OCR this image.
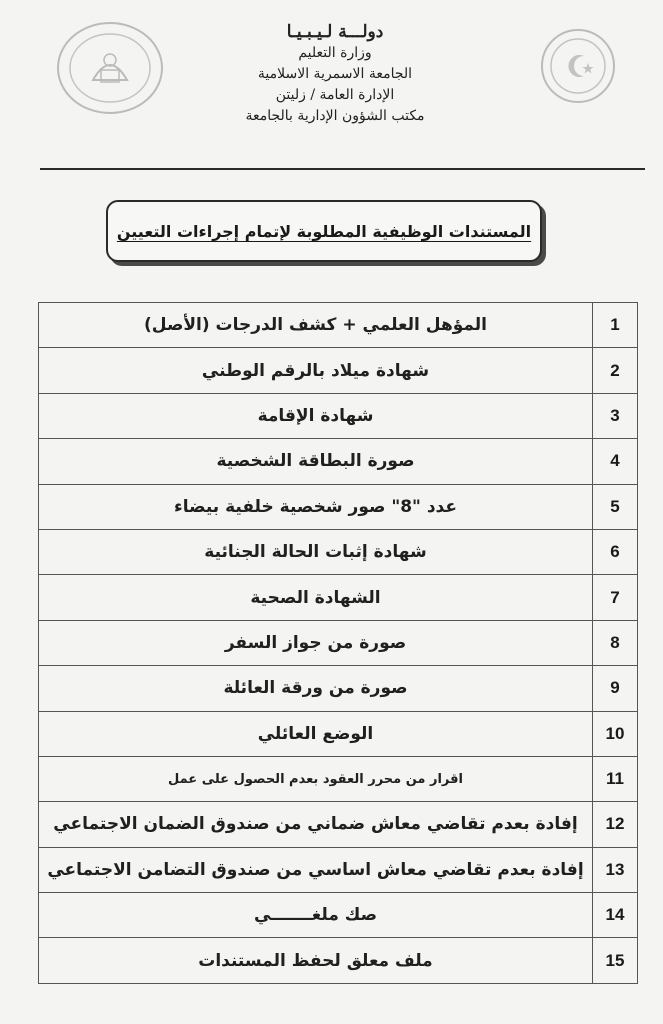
دولـــة لـيـبـيـا
وزارة التعليم
الجامعة الاسمرية الاسلامية
الإدارة العامة / زليتن
مكتب الشؤون الإدارية بالجامعة
المستندات الوظيفية المطلوبة لإتمام إجراءات التعيين
1	المؤهل العلمي + كشف الدرجات (الأصل)
2	شهادة ميلاد بالرقم الوطني
3	شهادة الإقامة
4	صورة البطاقة الشخصية
5	عدد "8" صور شخصية خلفية بيضاء
6	شهادة إثبات الحالة الجنائية
7	الشهادة الصحية
8	صورة من جواز السفر
9	صورة من ورقة العائلة
10	الوضع العائلي
11	اقرار من محرر العقود بعدم الحصول على عمل
12	إفادة بعدم تقاضي معاش ضماني من صندوق الضمان الاجتماعي
13	إفادة بعدم تقاضي معاش اساسي من صندوق التضامن الاجتماعي
14	صك ملغـــــــي
15	ملف معلق لحفظ المستندات
